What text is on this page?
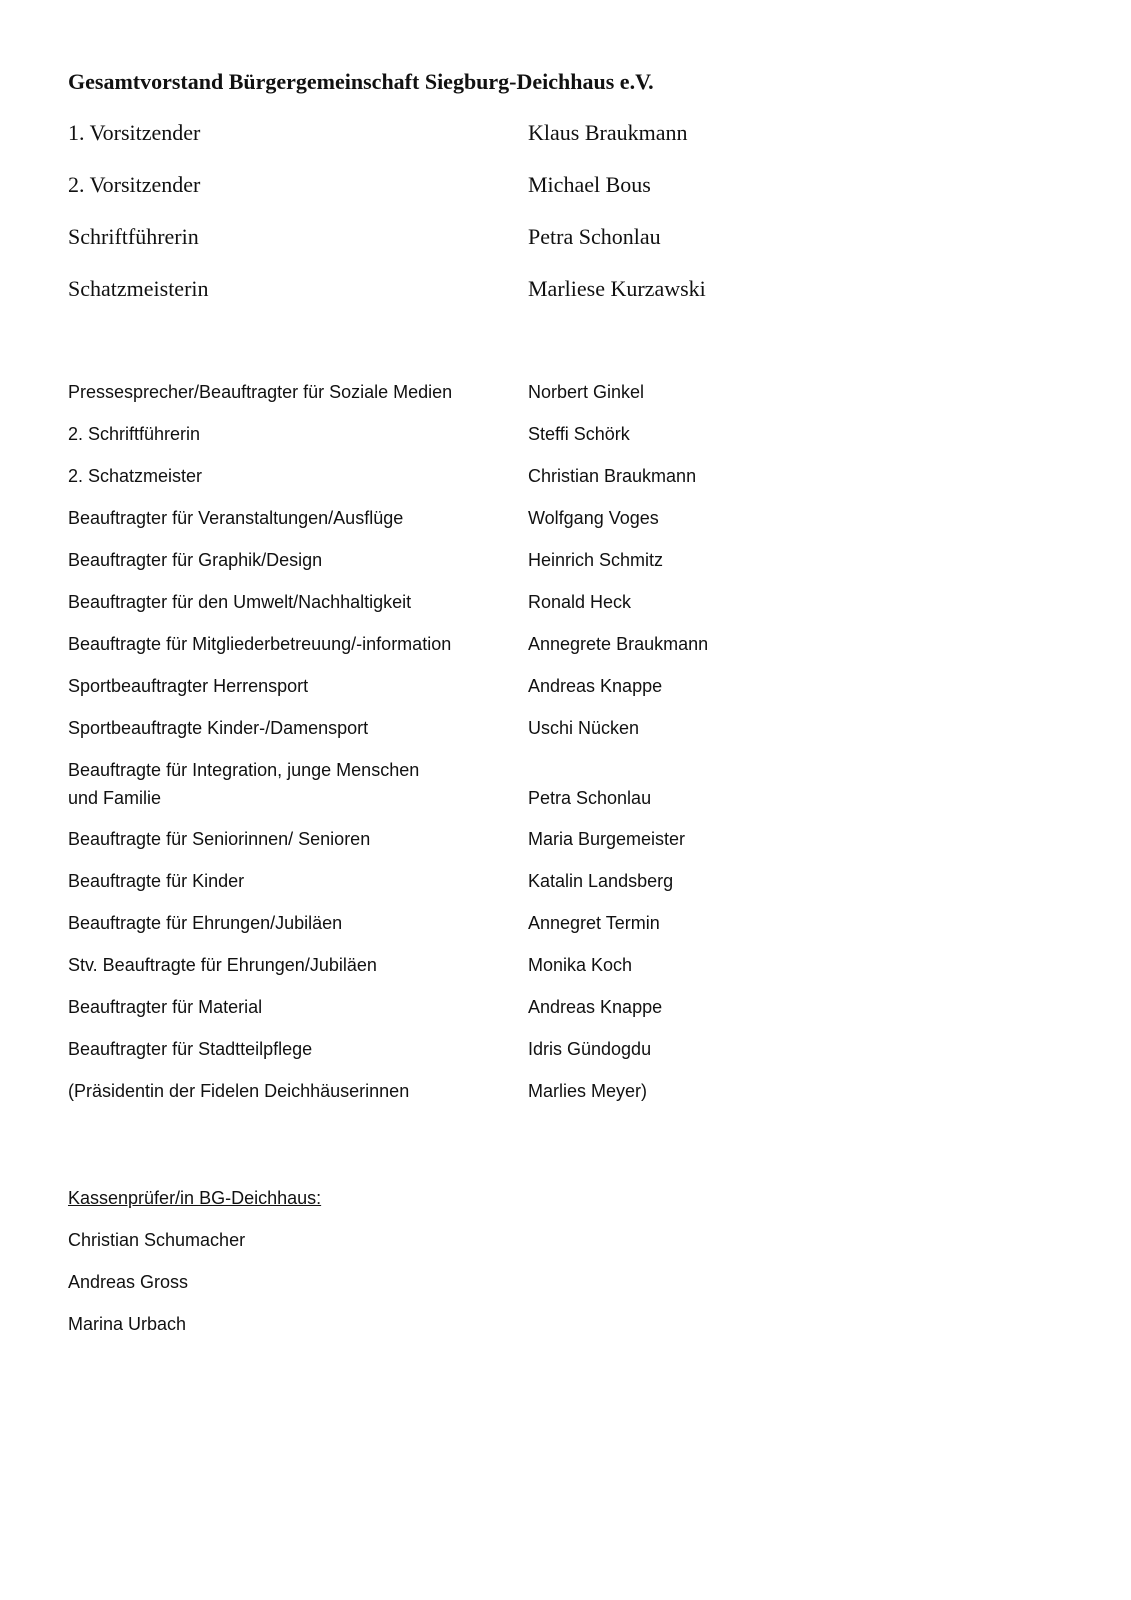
Gesamtvorstand Bürgergemeinschaft Siegburg-Deichhaus e.V.
1. Vorsitzender	Klaus Braukmann
2. Vorsitzender	Michael Bous
Schriftführerin	Petra Schonlau
Schatzmeisterin	Marliese Kurzawski
Pressesprecher/Beauftragter für Soziale Medien	Norbert Ginkel
2. Schriftführerin	Steffi Schörk
2. Schatzmeister	Christian Braukmann
Beauftragter für Veranstaltungen/Ausflüge	Wolfgang Voges
Beauftragter für Graphik/Design	Heinrich Schmitz
Beauftragter für den Umwelt/Nachhaltigkeit	Ronald Heck
Beauftragte für Mitgliederbetreuung/-information	Annegrete Braukmann
Sportbeauftragter Herrensport	Andreas Knappe
Sportbeauftragte Kinder-/Damensport	Uschi Nücken
Beauftragte für Integration, junge Menschen
und Familie	Petra Schonlau
Beauftragte für Seniorinnen/ Senioren	Maria Burgemeister
Beauftragte für Kinder	Katalin Landsberg
Beauftragte für Ehrungen/Jubiläen	Annegret Termin
Stv. Beauftragte für Ehrungen/Jubiläen	Monika Koch
Beauftragter für Material	Andreas Knappe
Beauftragter für Stadtteilpflege	Idris Gündogdu
(Präsidentin der Fidelen Deichhäuserinnen	Marlies Meyer)
Kassenprüfer/in BG-Deichhaus:
Christian Schumacher
Andreas Gross
Marina Urbach
